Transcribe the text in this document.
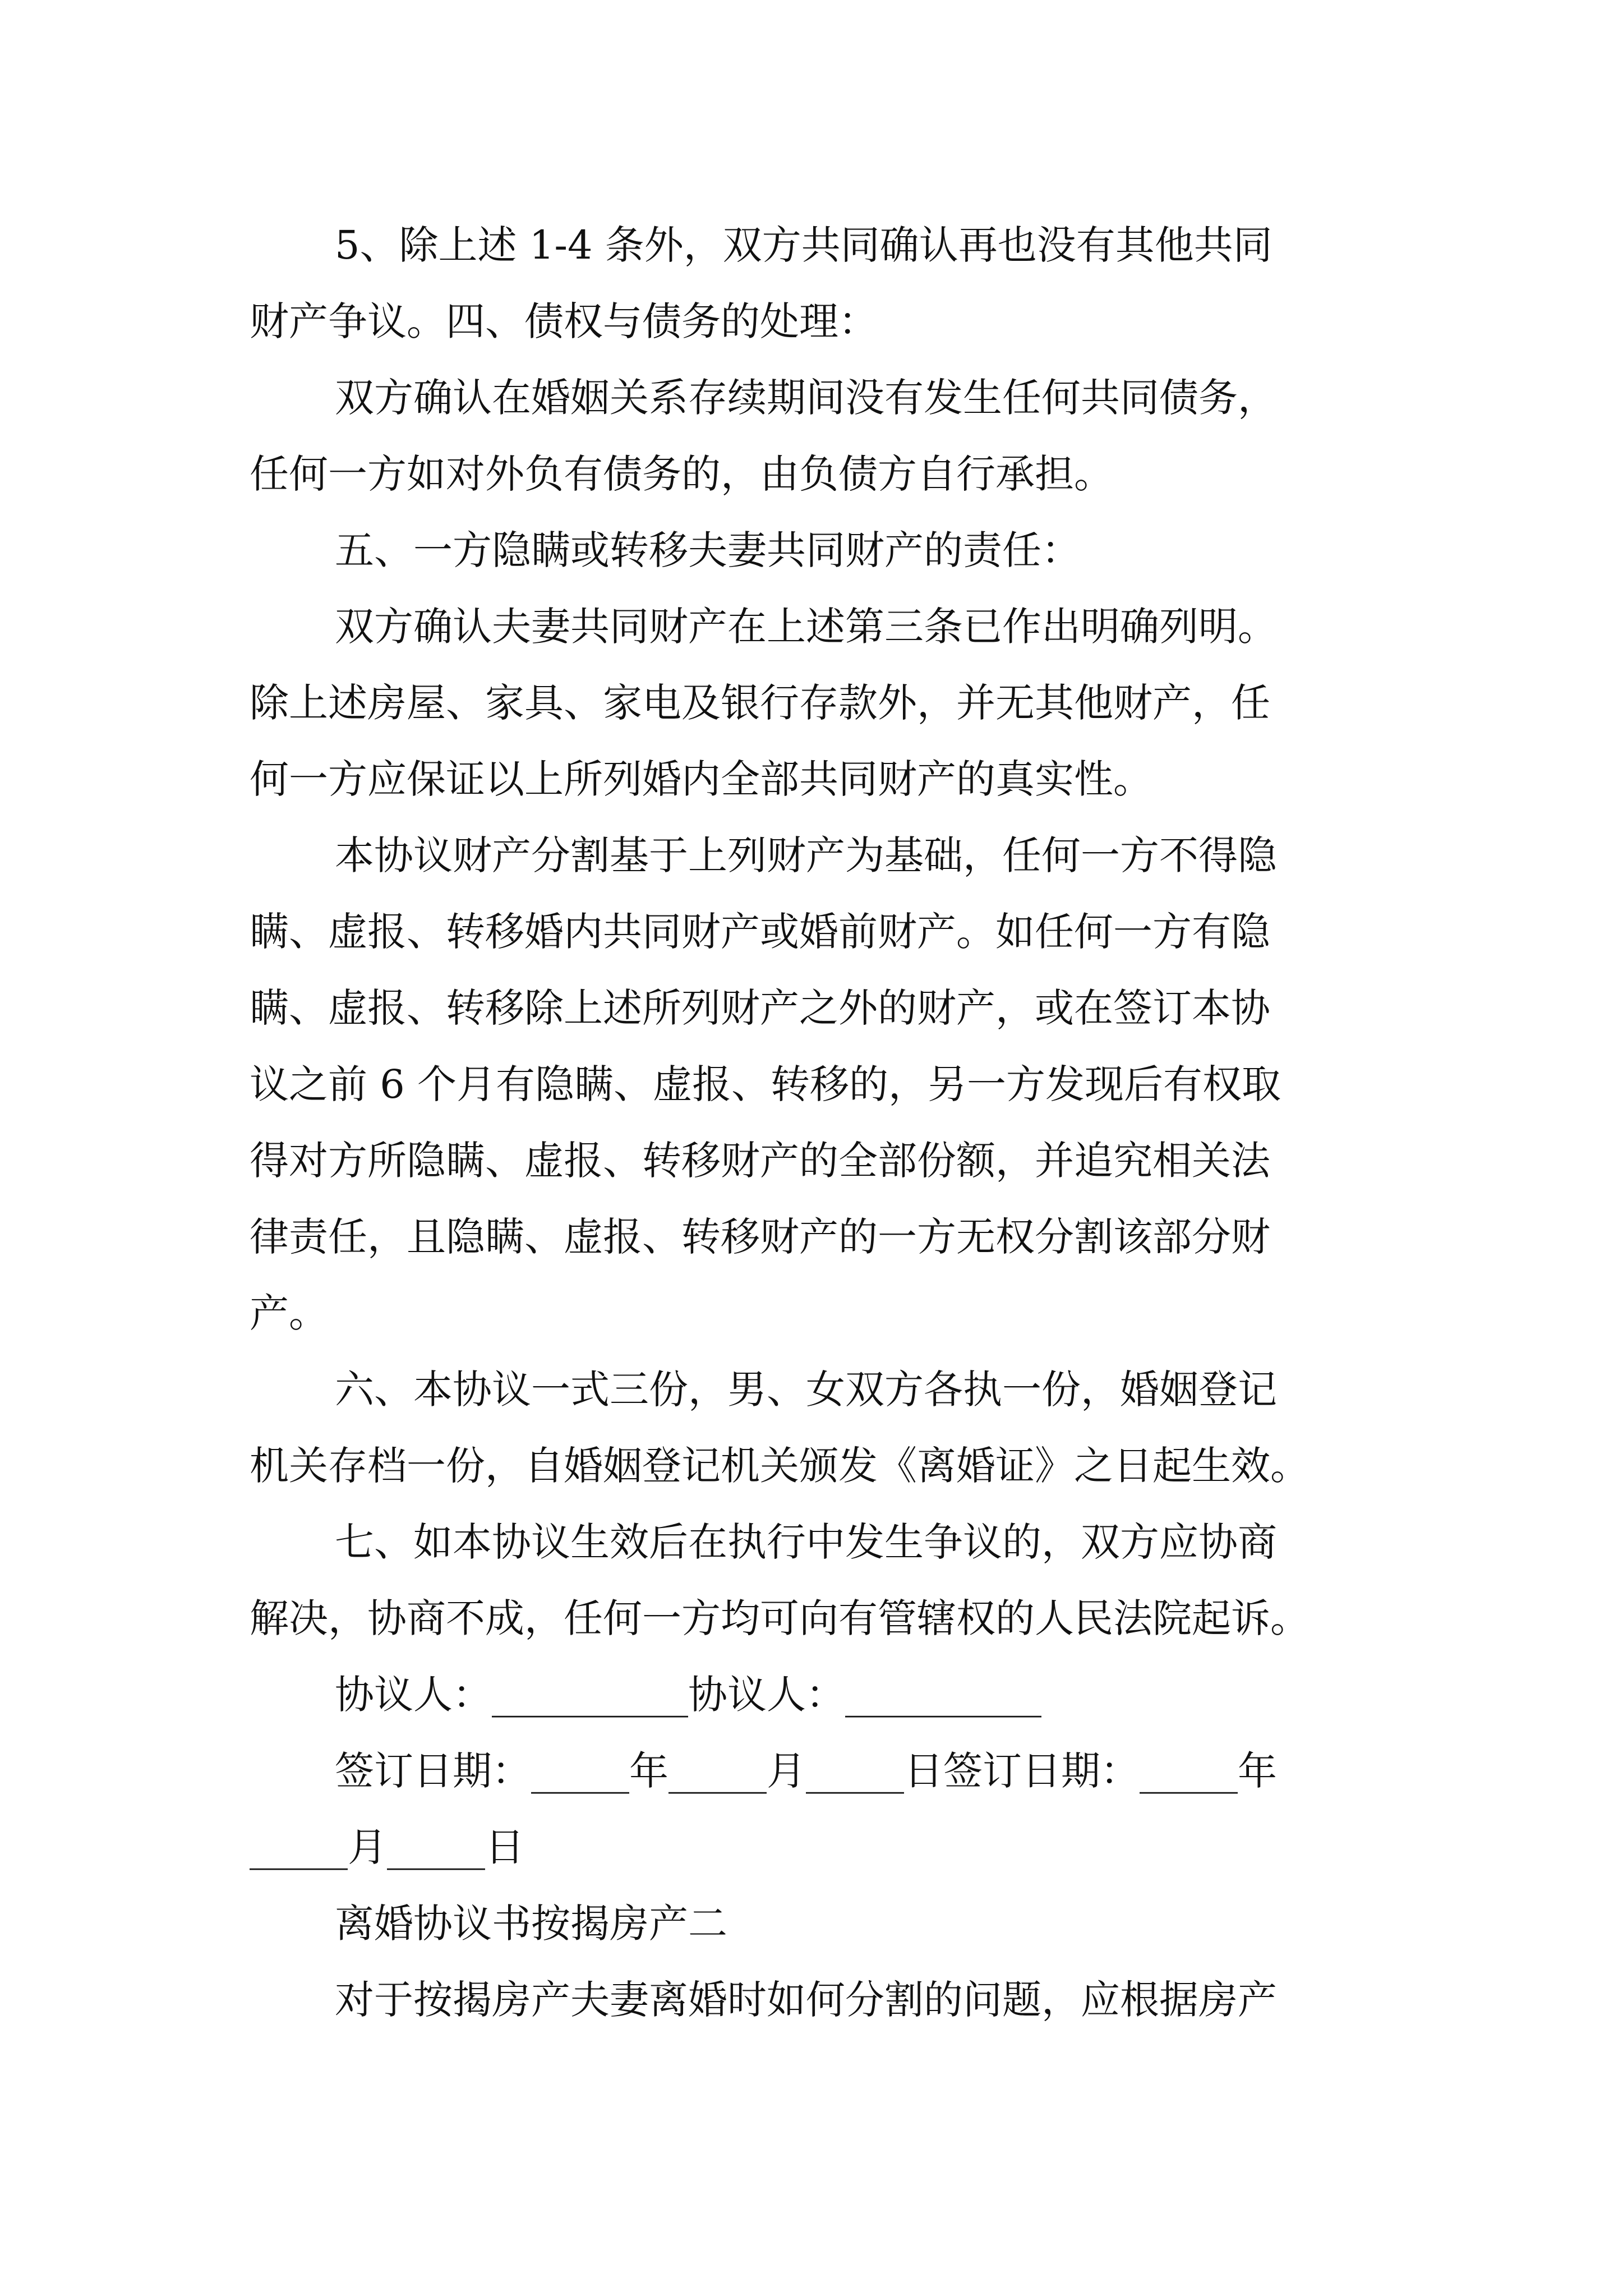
5、除上述 1-4 条外，双方共同确认再也没有其他共同
财产争议。四、债权与债务的处理：
双方确认在婚姻关系存续期间没有发生任何共同债务，
任何一方如对外负有债务的，由负债方自行承担。
五、一方隐瞒或转移夫妻共同财产的责任：
双方确认夫妻共同财产在上述第三条已作出明确列明。
除上述房屋、家具、家电及银行存款外，并无其他财产，任
何一方应保证以上所列婚内全部共同财产的真实性。
本协议财产分割基于上列财产为基础，任何一方不得隐
瞒、虚报、转移婚内共同财产或婚前财产。如任何一方有隐
瞒、虚报、转移除上述所列财产之外的财产，或在签订本协
议之前 6 个月有隐瞒、虚报、转移的，另一方发现后有权取
得对方所隐瞒、虚报、转移财产的全部份额，并追究相关法
律责任，且隐瞒、虚报、转移财产的一方无权分割该部分财
产。
六、本协议一式三份，男、女双方各执一份，婚姻登记
机关存档一份，自婚姻登记机关颁发《离婚证》之日起生效。
七、如本协议生效后在执行中发生争议的，双方应协商
解决，协商不成，任何一方均可向有管辖权的人民法院起诉。
协议人：__________协议人：__________
签订日期：_____年_____月_____日签订日期：_____年
_____月_____日
离婚协议书按揭房产二
对于按揭房产夫妻离婚时如何分割的问题，应根据房产
